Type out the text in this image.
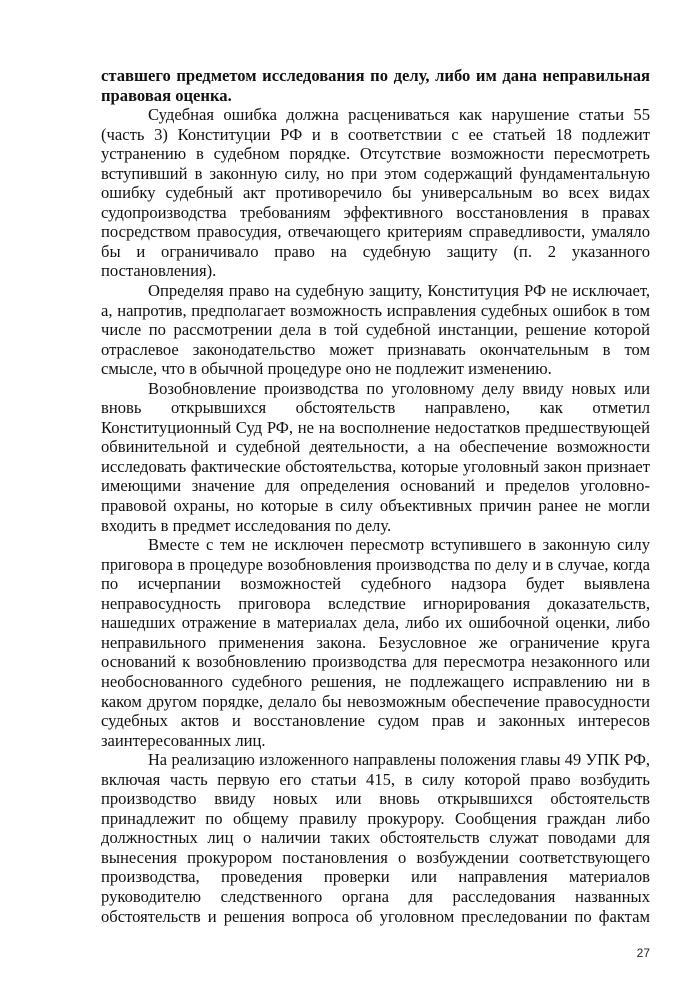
ставшего предметом исследования по делу, либо им дана неправильная
правовая оценка.

Судебная ошибка должна расцениваться как нарушение статьи 55
(часть 3) Конституции РФ и в соответствии с ее статьей 18 подлежит
устранению в судебном порядке. Отсутствие возможности пересмотреть
вступивший в законную силу, но при этом содержащий фундаментальную
ошибку судебный акт противоречило бы универсальным во всех видах
судопроизводства требованиям эффективного восстановления в правах
посредством правосудия, отвечающего критериям справедливости, умаляло
бы и ограничивало право на судебную защиту (п. 2 указанного
постановления).

Определяя право на судебную защиту, Конституция РФ не исключает,
а, напротив, предполагает возможность исправления судебных ошибок в том
числе по рассмотрении дела в той судебной инстанции, решение которой
отраслевое законодательство может признавать окончательным в том
смысле, что в обычной процедуре оно не подлежит изменению.

Возобновление производства по уголовному делу ввиду новых или
вновь открывшихся обстоятельств направлено, как отметил
Конституционный Суд РФ, не на восполнение недостатков предшествующей
обвинительной и судебной деятельности, а на обеспечение возможности
исследовать фактические обстоятельства, которые уголовный закон признает
имеющими значение для определения оснований и пределов уголовно-
правовой охраны, но которые в силу объективных причин ранее не могли
входить в предмет исследования по делу.

Вместе с тем не исключен пересмотр вступившего в законную силу
приговора в процедуре возобновления производства по делу и в случае, когда
по исчерпании возможностей судебного надзора будет выявлена
неправосудность приговора вследствие игнорирования доказательств,
нашедших отражение в материалах дела, либо их ошибочной оценки, либо
неправильного применения закона. Безусловное же ограничение круга
оснований к возобновлению производства для пересмотра незаконного или
необоснованного судебного решения, не подлежащего исправлению ни в
каком другом порядке, делало бы невозможным обеспечение правосудности
судебных актов и восстановление судом прав и законных интересов
заинтересованных лиц.

На реализацию изложенного направлены положения главы 49 УПК РФ,
включая часть первую его статьи 415, в силу которой право возбудить
производство ввиду новых или вновь открывшихся обстоятельств
принадлежит по общему правилу прокурору. Сообщения граждан либо
должностных лиц о наличии таких обстоятельств служат поводами для
вынесения прокурором постановления о возбуждении соответствующего
производства, проведения проверки или направления материалов
руководителю следственного органа для расследования названных
обстоятельств и решения вопроса об уголовном преследовании по фактам

27
